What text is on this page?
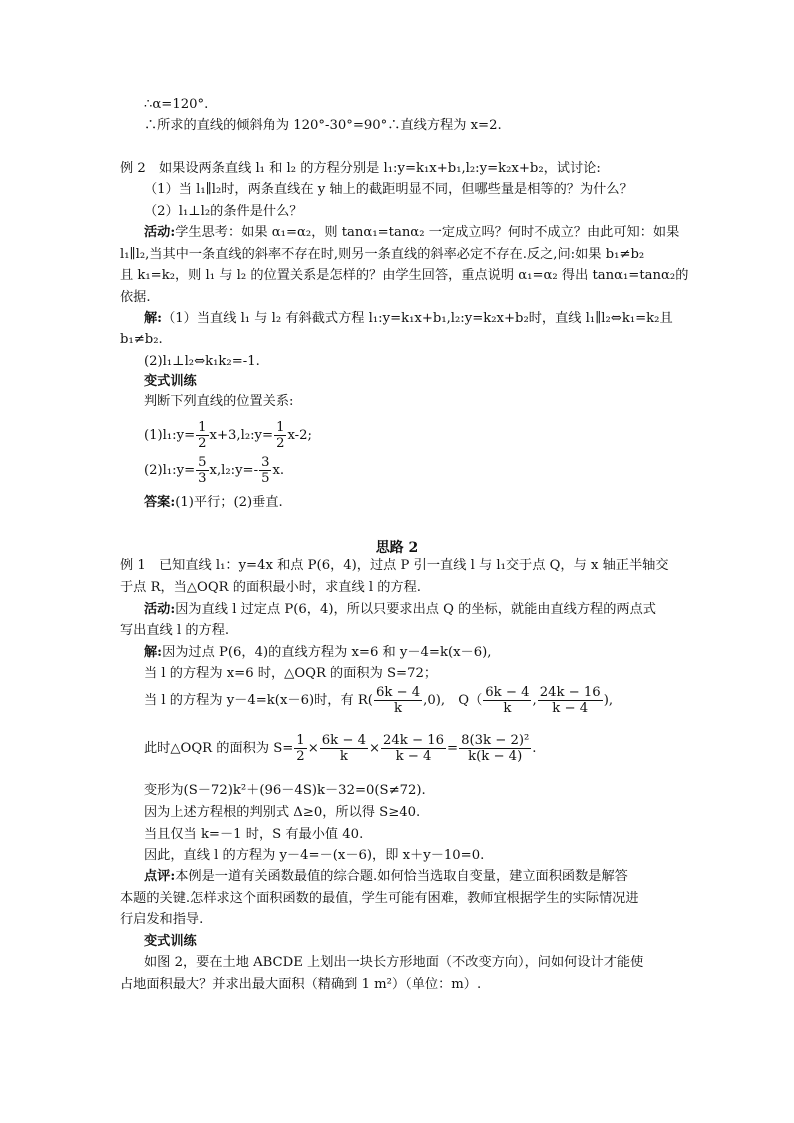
∴α=120°.
∴所求的直线的倾斜角为 120°-30°=90°∴直线方程为 x=2.
例 2　如果设两条直线 l₁ 和 l₂ 的方程分别是 l₁:y=k₁x+b₁,l₂:y=k₂x+b₂，试讨论:
（1）当 l₁∥l₂时，两条直线在 y 轴上的截距明显不同，但哪些量是相等的？为什么？
（2）l₁⊥l₂的条件是什么？
活动:学生思考：如果 α₁=α₂，则 tanα₁=tanα₂ 一定成立吗？何时不成立？由此可知：如果
l₁∥l₂,当其中一条直线的斜率不存在时,则另一条直线的斜率必定不存在.反之,问:如果 b₁≠b₂
且 k₁=k₂，则 l₁ 与 l₂ 的位置关系是怎样的？由学生回答，重点说明 α₁=α₂ 得出 tanα₁=tanα₂的
依据.
解:（1）当直线 l₁ 与 l₂ 有斜截式方程 l₁:y=k₁x+b₁,l₂:y=k₂x+b₂时，直线 l₁∥l₂⇔k₁=k₂且
b₁≠b₂.
(2)l₁⊥l₂⇔k₁k₂=-1.
变式训练
判断下列直线的位置关系:
(1)l₁:y= $\frac{1}{2}$ x+3,l₂:y= $\frac{1}{2} x-2$;
(2)l₁:y= $\frac{5}{3}$ x,l₂:y=- $\frac{3}{5} x$.
答案:(1)平行；(2)垂直.
思路 2
例 1　已知直线 l₁：y=4x 和点 P(6，4)，过点 P 引一直线 l 与 l₁交于点 Q，与 x 轴正半轴交
于点 R，当△OQR 的面积最小时，求直线 l 的方程.
活动:因为直线 l 过定点 P(6，4)，所以只要求出点 Q 的坐标，就能由直线方程的两点式
写出直线 l 的方程.
解:因为过点 P(6，4)的直线方程为 x=6 和 y－4=k(x－6),
当 l 的方程为 x=6 时，△OQR 的面积为 S=72；
当 l 的方程为 y－4=k(x－6)时，有 $R( \frac{6k - 4}{k} ,0)$,　$Q( \frac{6k - 4}{k}$ , $\frac{24k - 16}{k - 4}$ ),
此时△OQR 的面积为 $S= \frac{1}{2} \times \frac{6k - 4}{k} \times \frac{24k - 16}{k - 4} = \frac{\text{8(3k − 2)²}}{k(k - 4)}$ .
变形为(S－72)k²＋(96－4S)k－32=0(S≠72).
因为上述方程根的判别式 Δ≥0，所以得 S≥40.
当且仅当 k=－1 时，S 有最小值 40.
因此，直线 l 的方程为 y－4=－(x－6)，即 x＋y－10=0.
点评:本例是一道有关函数最值的综合题.如何恰当选取自变量，建立面积函数是解答
本题的关键.怎样求这个面积函数的最值，学生可能有困难，教师宜根据学生的实际情况进
行启发和指导.
变式训练
如图 2，要在土地 ABCDE 上划出一块长方形地面（不改变方向），问如何设计才能使
占地面积最大？并求出最大面积（精确到 1 m²）（单位：m）.
